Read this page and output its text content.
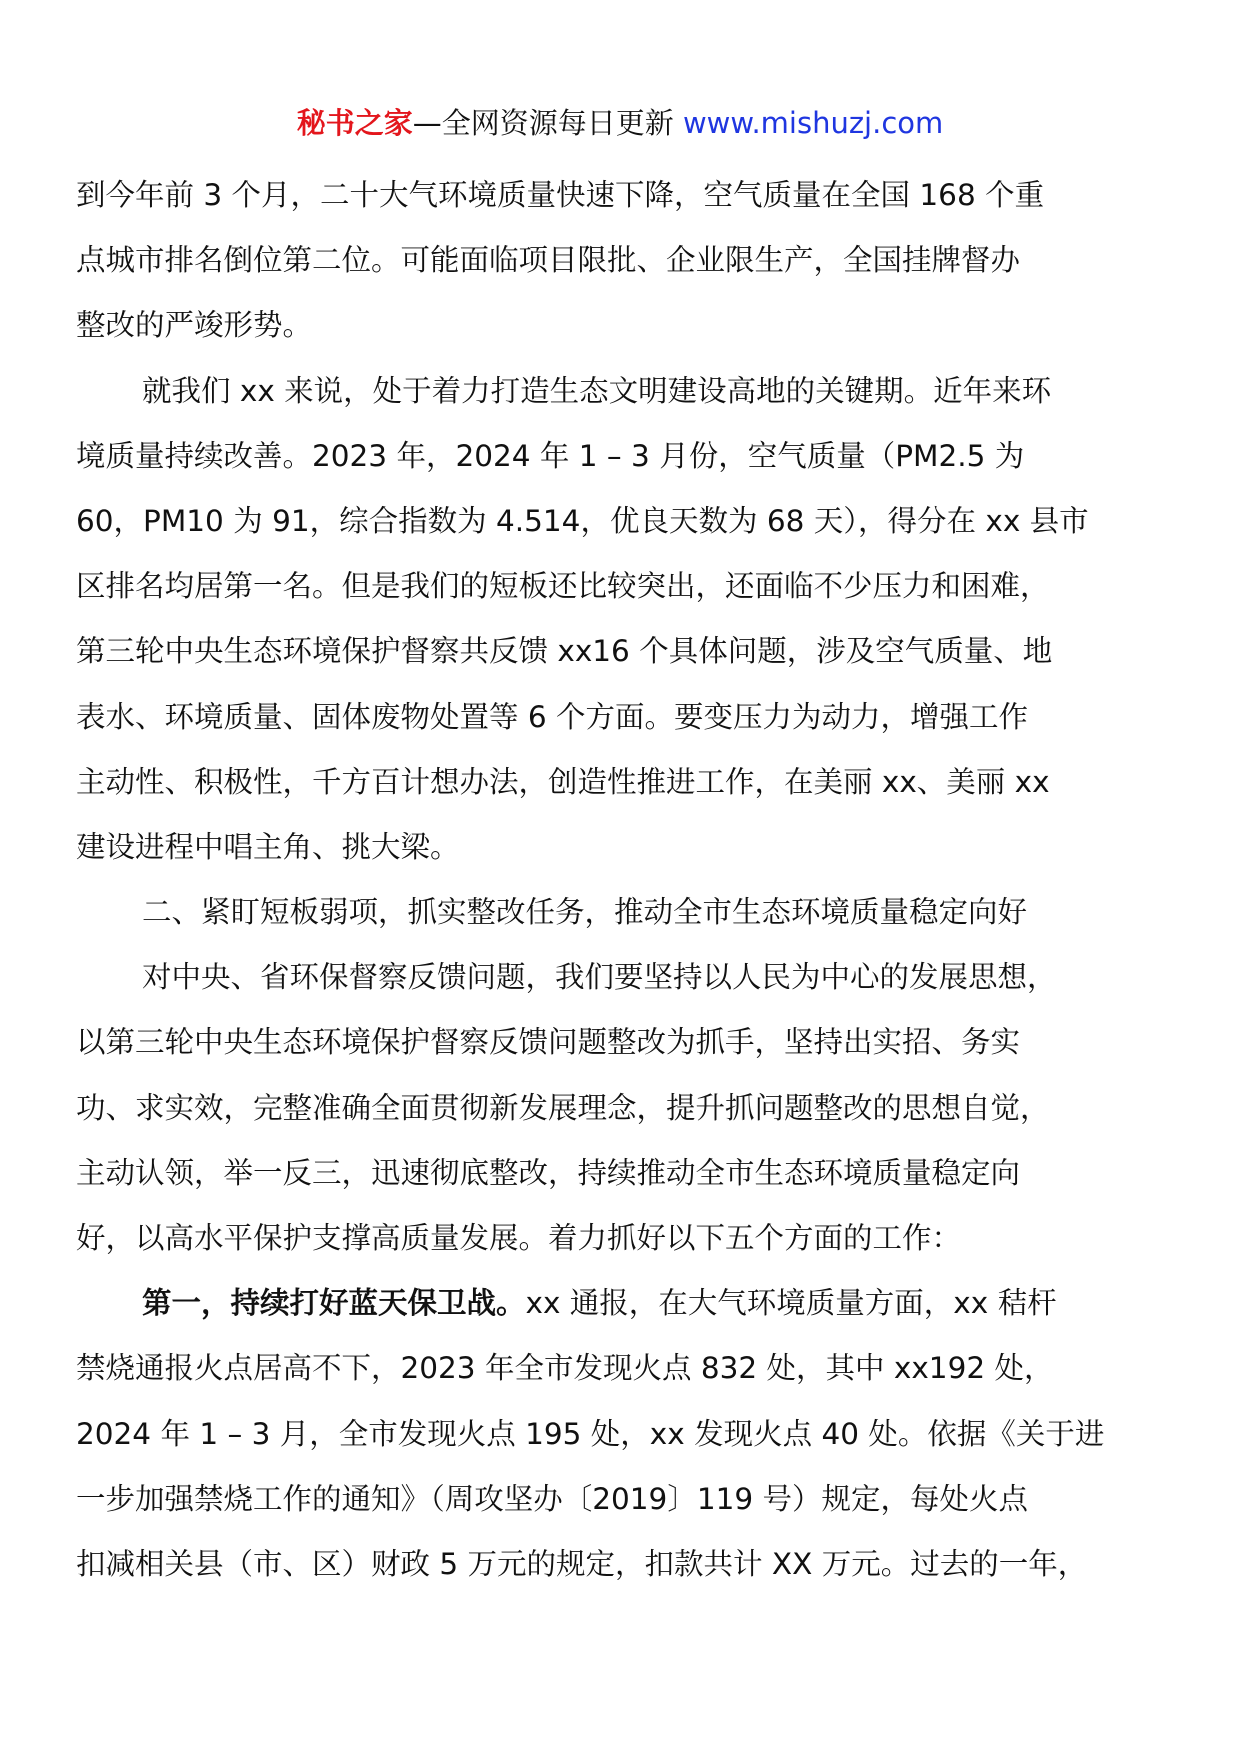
秘书之家—全网资源每日更新 www.mishuzj.com
到今年前 3 个月，二十大气环境质量快速下降，空气质量在全国 168 个重
点城市排名倒位第二位。可能面临项目限批、企业限生产，全国挂牌督办
整改的严竣形势。
就我们 xx 来说，处于着力打造生态文明建设高地的关键期。近年来环
境质量持续改善。2023 年，2024 年 1 – 3 月份，空气质量（PM2.5 为
60，PM10 为 91，综合指数为 4.514，优良天数为 68 天），得分在 xx 县市
区排名均居第一名。但是我们的短板还比较突出，还面临不少压力和困难，
第三轮中央生态环境保护督察共反馈 xx16 个具体问题，涉及空气质量、地
表水、环境质量、固体废物处置等 6 个方面。要变压力为动力，增强工作
主动性、积极性，千方百计想办法，创造性推进工作，在美丽 xx、美丽 xx
建设进程中唱主角、挑大梁。
二、紧盯短板弱项，抓实整改任务，推动全市生态环境质量稳定向好
对中央、省环保督察反馈问题，我们要坚持以人民为中心的发展思想，
以第三轮中央生态环境保护督察反馈问题整改为抓手，坚持出实招、务实
功、求实效，完整准确全面贯彻新发展理念，提升抓问题整改的思想自觉，
主动认领，举一反三，迅速彻底整改，持续推动全市生态环境质量稳定向
好，以高水平保护支撑高质量发展。着力抓好以下五个方面的工作：
第一，持续打好蓝天保卫战。xx 通报，在大气环境质量方面，xx 秸杆
禁烧通报火点居高不下，2023 年全市发现火点 832 处，其中 xx192 处，
2024 年 1 – 3 月，全市发现火点 195 处，xx 发现火点 40 处。依据《关于进
一步加强禁烧工作的通知》（周攻坚办〔2019〕119 号）规定，每处火点
扣减相关县（市、区）财政 5 万元的规定，扣款共计 XX 万元。过去的一年，
